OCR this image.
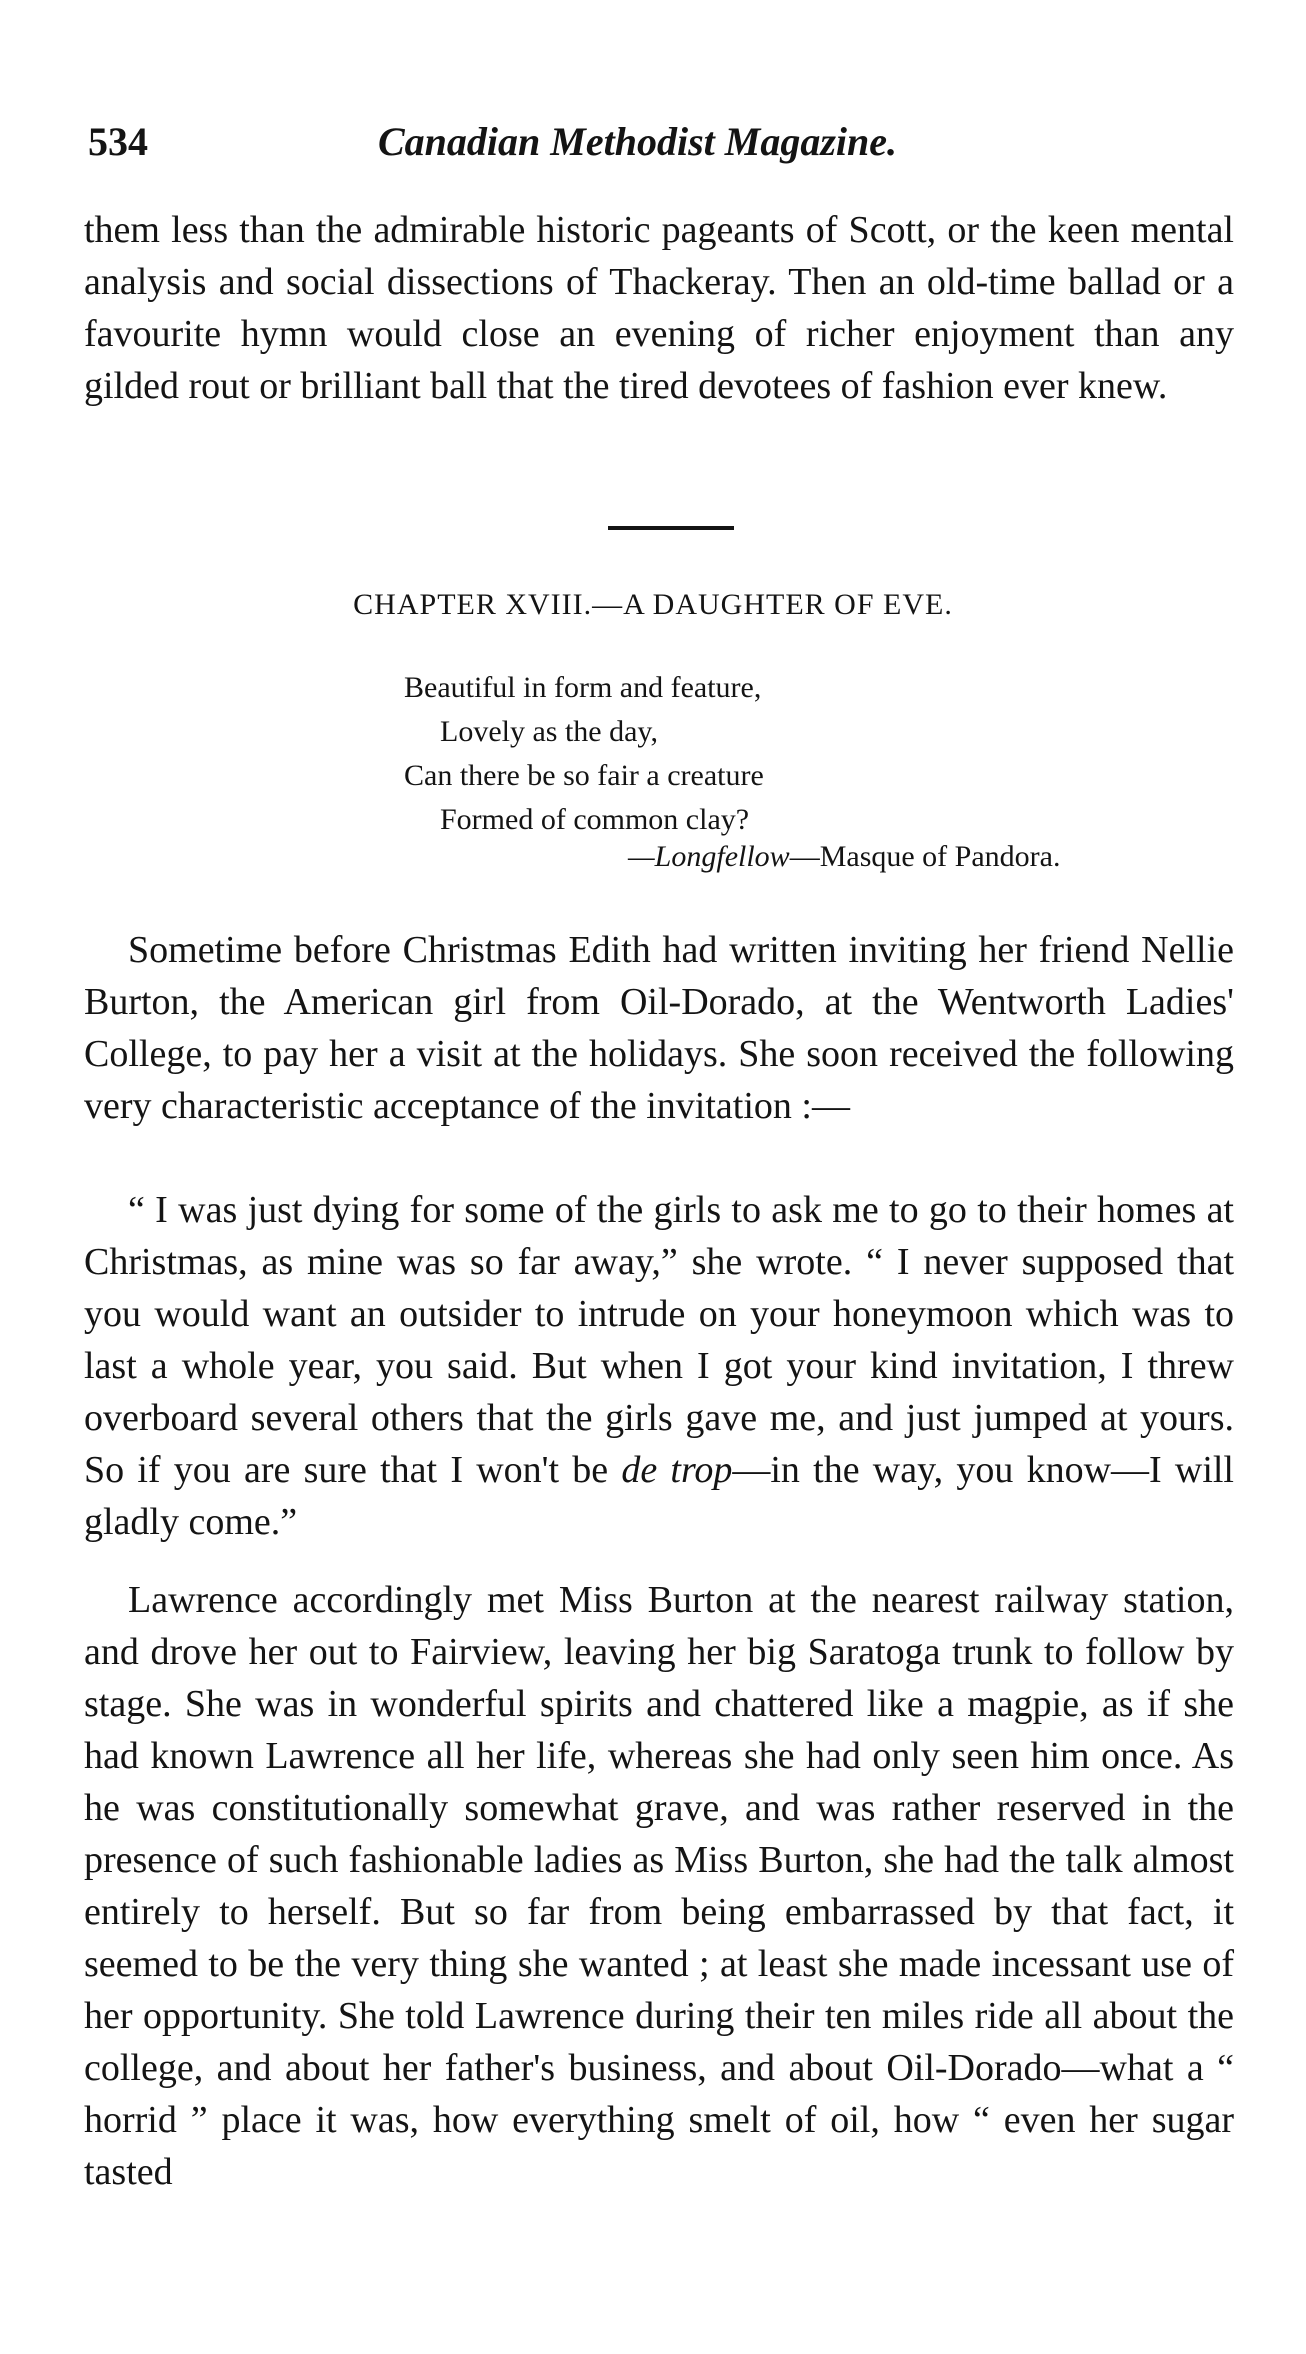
534	Canadian Methodist Magazine.

them less than the admirable historic pageants of Scott, or the keen mental analysis and social dissections of Thackeray. Then an old-time ballad or a favourite hymn would close an evening of richer enjoyment than any gilded rout or brilliant ball that the tired devotees of fashion ever knew.

CHAPTER XVIII.—A DAUGHTER OF EVE.
Beautiful in form and feature,
Lovely as the day,
Can there be so fair a creature
Formed of common clay?
—Longfellow—Masque of Pandora.

Sometime before Christmas Edith had written inviting her friend Nellie Burton, the American girl from Oil-Dorado, at the Wentworth Ladies' College, to pay her a visit at the holidays. She soon received the following very characteristic acceptance of the invitation :—

“ I was just dying for some of the girls to ask me to go to their homes at Christmas, as mine was so far away,” she wrote. “ I never supposed that you would want an outsider to intrude on your honeymoon which was to last a whole year, you said. But when I got your kind invitation, I threw overboard several others that the girls gave me, and just jumped at yours. So if you are sure that I won't be de trop—in the way, you know—I will gladly come.”

Lawrence accordingly met Miss Burton at the nearest railway station, and drove her out to Fairview, leaving her big Saratoga trunk to follow by stage. She was in wonderful spirits and chattered like a magpie, as if she had known Lawrence all her life, whereas she had only seen him once. As he was constitutionally somewhat grave, and was rather reserved in the presence of such fashionable ladies as Miss Burton, she had the talk almost entirely to herself. But so far from being embarrassed by that fact, it seemed to be the very thing she wanted ; at least she made incessant use of her opportunity. She told Lawrence during their ten miles ride all about the college, and about her father's business, and about Oil-Dorado—what a “ horrid ” place it was, how everything smelt of oil, how “ even her sugar tasted
